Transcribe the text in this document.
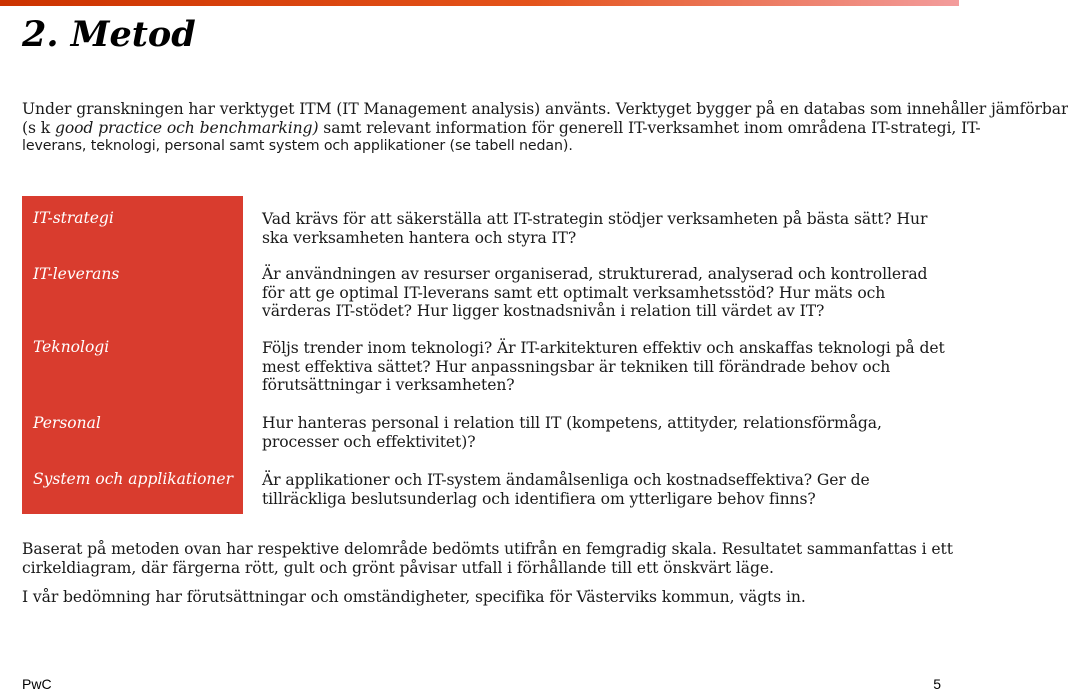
2. Metod

Under granskningen har verktyget ITM (IT Management analysis) använts. Verktyget bygger på en databas som innehåller jämförbar
(s k good practice och benchmarking) samt relevant information för generell IT-verksamhet inom områdena IT-strategi, IT-
leverans, teknologi, personal samt system och applikationer (se tabell nedan).

IT-strategi

IT-leverans

Teknologi

Personal

System och applikationer

Vad krävs för att säkerställa att IT-strategin stödjer verksamheten på bästa sätt? Hur ska verksamheten hantera och styra IT?

Är användningen av resurser organiserad, strukturerad, analyserad och kontrollerad för att ge optimal IT-leverans samt ett optimalt verksamhetsstöd? Hur mäts och värderas IT-stödet? Hur ligger kostnadsnivån i relation till värdet av IT?

Följs trender inom teknologi? Är IT-arkitekturen effektiv och anskaffas teknologi på det mest effektiva sättet? Hur anpassningsbar är tekniken till förändrade behov och förutsättningar i verksamheten?

Hur hanteras personal i relation till IT (kompetens, attityder, relationsförmåga, processer och effektivitet)?

Är applikationer och IT-system ändamålsenliga och kostnadseffektiva? Ger de tillräckliga beslutsunderlag och identifiera om ytterligare behov finns?

Baserat på metoden ovan har respektive delområde bedömts utifrån en femgradig skala. Resultatet sammanfattas i ett cirkeldiagram, där färgerna rött, gult och grönt påvisar utfall i förhållande till ett önskvärt läge.

I vår bedömning har förutsättningar och omständigheter, specifika för Västerviks kommun, vägts in.

PwC	5
